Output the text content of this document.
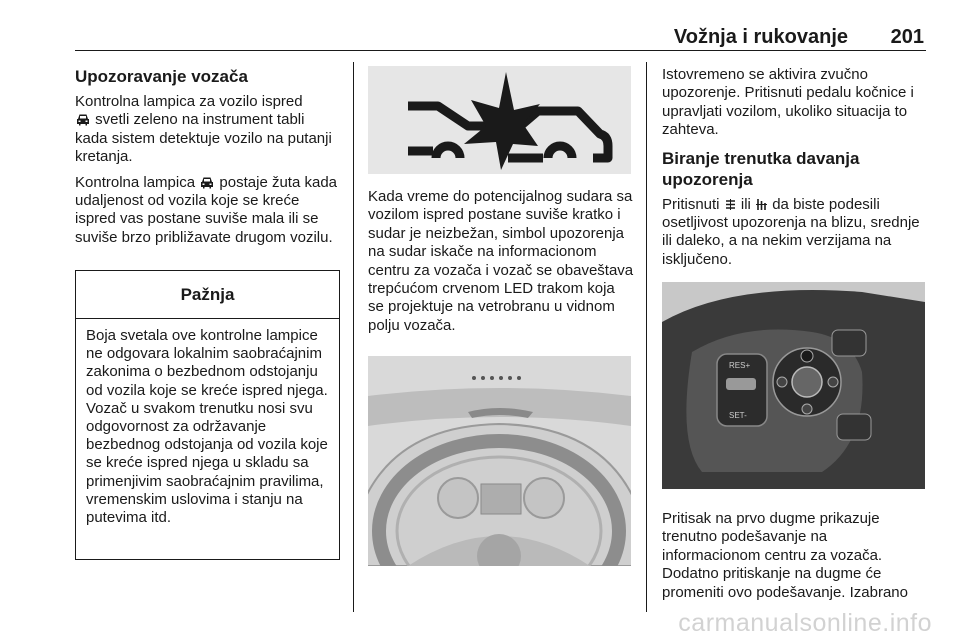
Vožnja i rukovanje 201
Upozoravanje vozača

Kontrolna lampica za vozilo ispred
svetli zeleno na instrument tabli kada sistem detektuje vozilo na putanji kretanja.

Kontrolna lampica postaje žuta kada udaljenost od vozila koje se kreće ispred vas postane suviše mala ili se suviše brzo približavate drugom vozilu.

Pažnja
Boja svetala ove kontrolne lampice ne odgovara lokalnim saobraćajnim zakonima o bezbednom odstojanju od vozila koje se kreće ispred njega. Vozač u svakom trenutku nosi svu odgovornost za održavanje bezbednog odstojanja od vozila koje se kreće ispred njega u skladu sa primenjivim saobraćajnim pravilima, vremenskim uslovima i stanju na putevima itd.

Kada vreme do potencijalnog sudara sa vozilom ispred postane suviše kratko i sudar je neizbežan, simbol upozorenja na sudar iskače na informacionom centru za vozača i vozač se obaveštava trepćućom crvenom LED trakom koja se projektuje na vetrobranu u vidnom polju vozača.

Istovremeno se aktivira zvučno upozorenje. Pritisnuti pedalu kočnice i upravljati vozilom, ukoliko situacija to zahteva.

Biranje trenutka davanja upozorenja

Pritisnuti ili da biste podesili osetljivost upozorenja na blizu, srednje ili daleko, a na nekim verzijama na isključeno.

RES+
SET-

Pritisak na prvo dugme prikazuje trenutno podešavanje na informacionom centru za vozača. Dodatno pritiskanje na dugme će promeniti ovo podešavanje. Izabrano

carmanualsonline.info
